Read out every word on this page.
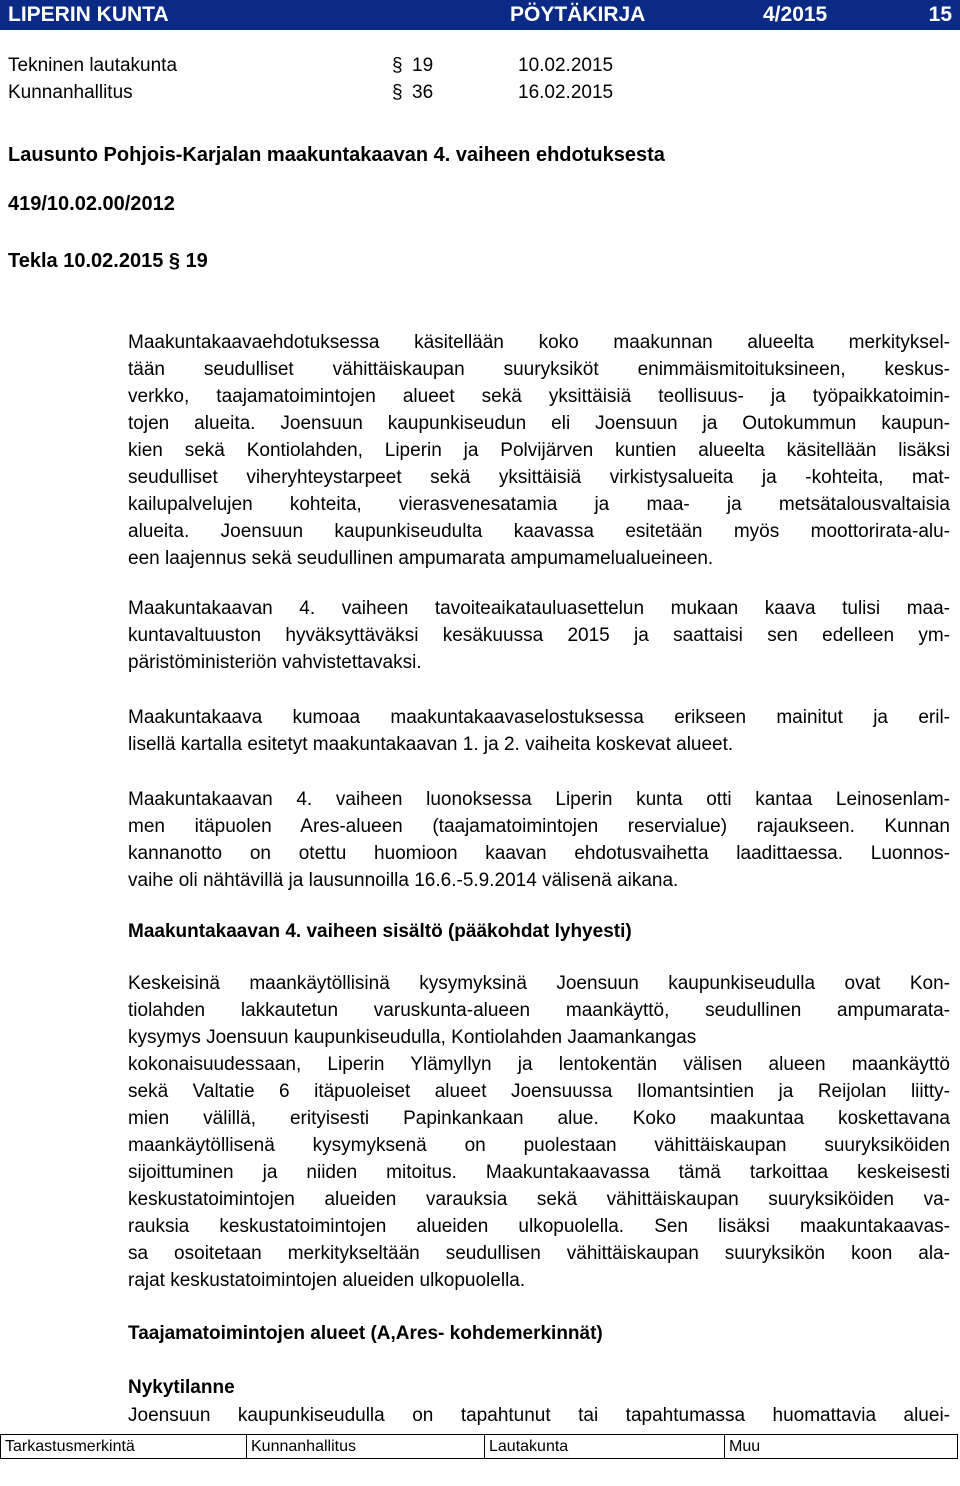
LIPERIN KUNTA	PÖYTÄKIRJA	4/2015	15
Tekninen lautakunta	§ 19	10.02.2015
Kunnanhallitus	§ 36	16.02.2015
Lausunto Pohjois-Karjalan maakuntakaavan 4. vaiheen ehdotuksesta
419/10.02.00/2012
Tekla 10.02.2015 § 19
Maakuntakaavaehdotuksessa käsitellään koko maakunnan alueelta merkityksel-
tään seudulliset vähittäiskaupan suuryksiköt enimmäismitoituksineen, keskus-
verkko, taajamatoimintojen alueet sekä yksittäisiä teollisuus- ja työpaikkatoimin-
tojen alueita. Joensuun kaupunkiseudun eli Joensuun ja Outokummun kaupun-
kien sekä Kontiolahden, Liperin ja Polvijärven kuntien alueelta käsitellään lisäksi
seudulliset viheryhteystarpeet sekä yksittäisiä virkistysalueita ja -kohteita, mat-
kailupalvelujen kohteita, vierasvenesatamia ja maa- ja metsätalousvaltaisia
alueita. Joensuun kaupunkiseudulta kaavassa esitetään myös moottorirata-alu-
een laajennus sekä seudullinen ampumarata ampumamelualueineen.
Maakuntakaavan 4. vaiheen tavoiteaikatauluasettelun mukaan kaava tulisi maa-
kuntavaltuuston hyväksyttäväksi kesäkuussa 2015 ja saattaisi sen edelleen ym-
päristöministeriön vahvistettavaksi.
Maakuntakaava kumoaa maakuntakaavaselostuksessa erikseen mainitut ja eril-
lisellä kartalla esitetyt maakuntakaavan 1. ja 2. vaiheita koskevat alueet.
Maakuntakaavan 4. vaiheen luonoksessa Liperin kunta otti kantaa Leinosenlam-
men itäpuolen Ares-alueen (taajamatoimintojen reservialue) rajaukseen. Kunnan
kannanotto on otettu huomioon kaavan ehdotusvaihetta laadittaessa. Luonnos-
vaihe oli nähtävillä ja lausunnoilla 16.6.-5.9.2014 välisenä aikana.
Maakuntakaavan 4. vaiheen sisältö (pääkohdat lyhyesti)
Keskeisinä maankäytöllisinä kysymyksinä Joensuun kaupunkiseudulla ovat Kon-
tiolahden lakkautetun varuskunta-alueen maankäyttö, seudullinen ampumarata-
kysymys Joensuun kaupunkiseudulla, Kontiolahden Jaamankangas
kokonaisuudessaan, Liperin Ylämyllyn ja lentokentän välisen alueen maankäyttö
sekä Valtatie 6 itäpuoleiset alueet Joensuussa Ilomantsintien ja Reijolan liitty-
mien välillä, erityisesti Papinkankaan alue. Koko maakuntaa koskettavana
maankäytöllisenä kysymyksenä on puolestaan vähittäiskaupan suuryksiköiden
sijoittuminen ja niiden mitoitus. Maakuntakaavassa tämä tarkoittaa keskeisesti
keskustatoimintojen alueiden varauksia sekä vähittäiskaupan suuryksiköiden va-
rauksia keskustatoimintojen alueiden ulkopuolella. Sen lisäksi maakuntakaavas-
sa osoitetaan merkitykseltään seudullisen vähittäiskaupan suuryksikön koon ala-
rajat keskustatoimintojen alueiden ulkopuolella.
Taajamatoimintojen alueet (A,Ares- kohdemerkinnät)
Nykytilanne
Joensuun kaupunkiseudulla on tapahtunut tai tapahtumassa huomattavia aluei-
Tarkastusmerkintä	Kunnanhallitus	Lautakunta	Muu
